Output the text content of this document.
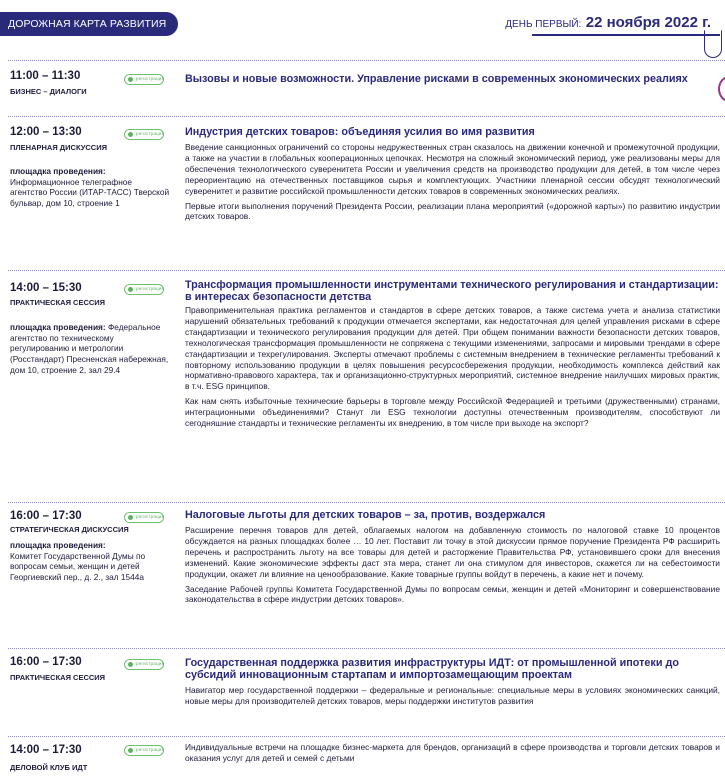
ДОРОЖНАЯ КАРТА РАЗВИТИЯ ИДТ
ДЕНЬ ПЕРВЫЙ: 22 ноября 2022 г.
11:00 – 11:30
БИЗНЕС – ДИАЛОГИ
регистрация Вызовы и новые возможности. Управление рисками в современных экономических реалиях
12:00 – 13:30
ПЛЕНАРНАЯ ДИСКУССИЯ
площадка проведения:
Информационное телеграфное агентство России (ИТАР-ТАСС) Тверской бульвар, дом 10, строение 1
регистрация Индустрия детских товаров: объединяя усилия во имя развития

Введение санкционных ограничений со стороны недружественных стран сказалось на движении конечной и промежуточной продукции, а также на участии в глобальных кооперационных цепочках. Несмотря на сложный экономический период, уже реализованы меры для обеспечения технологического суверенитета России и увеличения средств на производство продукции для детей, в том числе через переориентацию на отечественных поставщиков сырья и комплектующих. Участники пленарной сессии обсудят технологический суверенитет и развитие российской промышленности детских товаров в современных экономических реалиях.

Первые итоги выполнения поручений Президента России, реализации плана мероприятий («дорожной карты») по развитию индустрии детских товаров.

14:00 – 15:30
ПРАКТИЧЕСКАЯ СЕССИЯ
площадка проведения: Федеральное агентство по техническому регулированию и метрологии (Росстандарт) Пресненская набережная, дом 10, строение 2, зал 29.4
регистрация Трансформация промышленности инструментами технического регулирования и стандартизации: в интересах безопасности детства

Правоприменительная практика регламентов и стандартов в сфере детских товаров, а также система учета и анализа статистики нарушений обязательных требований к продукции отмечается экспертами, как недостаточная для целей управления рисками в сфере стандартизации и технического регулирования продукции для детей. При общем понимании важности безопасности детских товаров, технологическая трансформация промышленности не сопряжена с текущими изменениями, запросами и мировыми трендами в сфере стандартизации и техрегулирования. Эксперты отмечают проблемы с системным внедрением в технические регламенты требований к повторному использованию продукции в целях повышения ресурсосбережения продукции, необходимость комплекса действий как нормативно-правового характера, так и организационно-структурных мероприятий, системное внедрение наилучших мировых практик, в т.ч. ESG принципов.

Как нам снять избыточные технические барьеры в торговле между Российской Федерацией и третьими (дружественными) странами, интеграционными объединениями? Станут ли ESG технологии доступны отечественным производителям, способствуют ли сегодняшние стандарты и технические регламенты их внедрению, в том числе при выходе на экспорт?

16:00 – 17:30
СТРАТЕГИЧЕСКАЯ ДИСКУССИЯ
площадка проведения:
Комитет Государственной Думы по вопросам семьи, женщин и детей Георгиевский пер., д. 2., зал 1544а
регистрация Налоговые льготы для детских товаров – за, против, воздержался

Расширение перечня товаров для детей, облагаемых налогом на добавленную стоимость по налоговой ставке 10 процентов обсуждается на разных площадках более … 10 лет. Поставит ли точку в этой дискуссии прямое поручение Президента РФ расширить перечень и распространить льготу на все товары для детей и расторжение Правительства РФ, установившего сроки для внесения изменений. Какие экономические эффекты даст эта мера, станет ли она стимулом для инвесторов, скажется ли на себестоимости продукции, окажет ли влияние на ценообразование. Какие товарные группы войдут в перечень, а какие нет и почему.

Заседание Рабочей группы Комитета Государственной Думы по вопросам семьи, женщин и детей «Мониторинг и совершенствование законодательства в сфере индустрии детских товаров».

16:00 – 17:30
ПРАКТИЧЕСКАЯ СЕССИЯ
регистрация Государственная поддержка развития инфраструктуры ИДТ: от промышленной ипотеки до субсидий инновационным стартапам и импортозамещающим проектам

Навигатор мер государственной поддержки – федеральные и региональные: специальные меры в условиях экономических санкций, новые меры для производителей детских товаров, меры поддержки институтов развития

14:00 – 17:30
ДЕЛОВОЙ КЛУБ ИДТ
регистрация Индивидуальные встречи на площадке бизнес-маркета для брендов, организаций в сфере производства и торговли детских товаров и оказания услуг для детей и семей с детьми
